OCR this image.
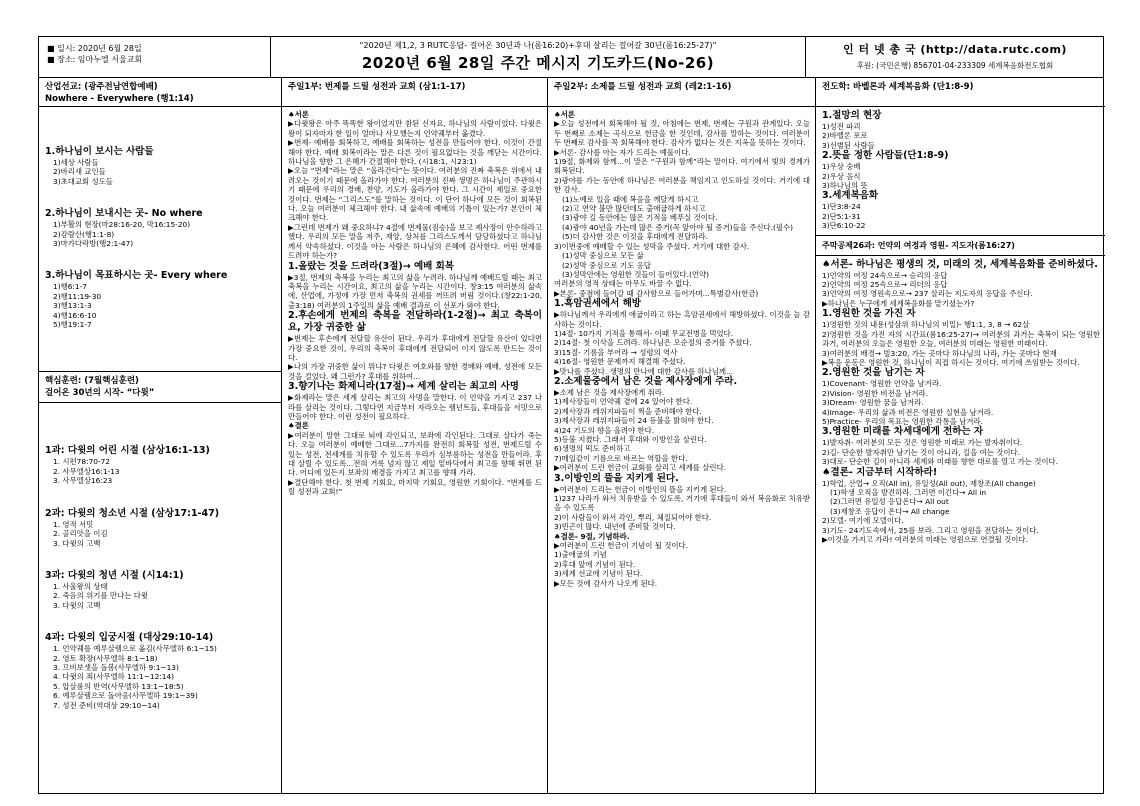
■ 일시: 2020년 6월 28일
■ 장소: 임마누엘 서울교회
“2020년 제1,2, 3 RUTC응답- 걸어온 30년과 나(롬16:20)+후대 살리는 걸어갈 30년(롬16:25-27)”
2020년 6월 28일 주간 메시지 기도카드(No-26)
인 터 넷 총 국 (http://data.rutc.com)
후원: (국민은행) 856701-04-233309 세계복음화전도협회
산업선교: (광주전남연합예배)
Nowhere - Everywhere (행1:14)

1.하나님이 보시는 사람들

1)세상 사람들

2)바리새 교인들

3)초대교회 성도들

2.하나님이 보내시는 곳- No where

1)부활의 현장(마28:16-20, 막16:15-20)

2)감람산(행1:1-8)

3)마가다락방(행2:1-47)

3.하나님이 목표하시는 곳- Every where

1)행6:1-7

2)행11:19-30

3)행13:1-3

4)행16:6-10

5)행19:1-7

핵심훈련: (7월핵심훈련)
걸어온 30년의 시작- “다윗”

1과: 다윗의 어린 시절 (삼상16:1-13)

1. 시편78:70-72

2. 사무엘상16:1-13

3. 사무엘상16:23

2과: 다윗의 청소년 시절 (삼상17:1-47)

1. 영적 서밋

2. 골리앗을 이김

3. 다윗의 고백

3과: 다윗의 청년 시절 (시14:1)

1. 사울왕의 상태

2. 죽음의 위기를 만나는 다윗

3. 다윗의 고백

4과: 다윗의 입궁시절 (대상29:10-14)

1. 언약궤를 예루살렘으로 옮김(사무엘하 6:1~15)

2. 영토 확장(사무엘하 8:1~18)

3. 므비보셋을 돌봄(사무엘하 9:1~13)

4. 다윗의 죄(사무엘하 11:1~12:14)

5. 압살롬의 반역(사무엘하 13:1~18:5)

6. 예루살렘으로 돌아옴(사무엘하 19:1~39)

7. 성전 준비(역대상 29:10~14)

주일1부: 번제를 드릴 성전과 교회 (삼1:1-17)

♠서론

▶다윗왕은 아주 똑똑한 왕이었지만 참된 신자요, 하나님의 사람이었다. 다윗은 왕이 되자마자 한 일이 얼마나 사모했는지 언약궤부터 옮겼다.

▶번제- 예배를 회복하고, 예배를 회복하는 성전을 만들어야 한다. 이것이 간절해야 한다. 예배 회복이라는 말은 다른 것이 필요없다는 것을 깨닫는 시간이다. 하나님을 향한 그 은혜가 간절해야 한다. (시18:1, 시23:1)

▶오늘 “번제”라는 말은 “올라간다”는 뜻이다. 여러분의 진짜 축복은 위에서 내려오는 것이기 때문에 올라가야 한다. 여러분의 진짜 생명은 하나님이 주관하시기 때문에 우리의 경배, 찬양, 기도가 올라가야 한다. 그 시간이 제일로 중요한 것이다. 번제는 “그리스도”를 말하는 것이다. 이 단어 하나에 모든 것이 회복된다. 오늘 여러분이 체크해야 한다. 내 삶속에 예배의 기틀이 있는가? 본인이 체크해야 한다.

▶그런데 번제가 왜 중요하냐? 4절에 번제물(짐승)을 보고 제사장이 안수하라고 했다. 우리의 모든 말을 저주, 재앙, 상처를 그리스도께서 담당하셨다고 하나님께서 약속하셨다. 이것을 아는 사람은 하나님의 은혜에 감사한다. 어떤 번제를 드려야 하는가?

1.올랐는 것을 드려라(3절)→ 예배 회복

▶3절, 번제의 축복을 누리는 최고의 삶을 누려라. 하나님께 예배드릴 때는 최고 축복을 누리는 시간이요, 최고의 삶을 누리는 시간이다. 창3:15 여러분의 삶속에, 산업에, 가정에 가장 먼저 축복의 권세를 꺼뜨려 버림 것이다.(창22:1-20, 출3:18) 여러분의 1주일의 삶을 예배 결과로 이 선포가 와야 한다.

2.후손에게 번제의 축복을 전달하라(1-2절)→ 최고 축복이요, 가장 귀중한 삶

▶번제는 후손에게 전달할 유산이 된다. 우리가 후대에게 전달할 유산이 있다면 가장 중요한 것이, 우리의 축복이 후대에게 전달되어 이지 않도록 만드는 것이다.

▶나의 가장 귀중한 삶이 뭐냐? 다윗은 여호와를 향한 경배와 예배, 성전에 모든 것을 걸었다. 왜 그런가? 후대를 위하여...

3.향기나는 화제니라(17절)→ 세계 살리는 최고의 사명

▶화제라는 말은 세계 살리는 최고의 사명을 말한다. 이 언약을 가지고 237 나라를 살리는 것이다. 그렇다면 지금부터 자라오는 렘넌트들, 후대들을 서밋으로 만들어야 한다. 이런 성전이 필요하다.

♠결론

▶여러분이 말한 그대로 뇌에 각인되고, 보좌에 각인된다. 그대로 살다가 죽는다. 오늘 여러분이 예배한 그대로...7가지를 완전히 회복할 성전, 번제드릴 수 있는 성전, 전세계를 치유할 수 있도록 우리가 심부름하는 성전을 만들어라. 후대 살릴 수 있도록...전혀 거룩 넘지 않고 제일 밑바닥에서 최고를 향해 뛰면 된다. 어디에 있든지 보좌의 배경을 가지고 최고를 향해 가라.

▶결단해야 한다. 첫 번제 기회요, 마지막 기회요, 영원한 기회이다. “번제를 드릴 성전과 교회!”

주일2부: 소제를 드릴 성전과 교회 (레2:1-16)

♠서론

▶오늘 성전에서 회복해야 될 것, 아침에는 번제, 번제는 구원과 관계있다. 오늘 두 번째로 소제는 곡식으로 헌금을 한 것인데, 감사를 말하는 것이다. 여러분이 두 번째로 감사를 꼭 회복해야 한다. 감사가 없다는 것은 지옥을 뜻하는 것이다.

▶서론- 감사를 아는 자가 드리는 예물이다.

1)9절, 화제와 함께...이 말은 “구원과 함께”라는 말이다. 여기에서 빛의 경계가 회복된다.

2)광야를 가는 동안에 하나님은 여러분을 책임지고 인도하실 것이다. 거기에 대한 감사.

(1)노예로 있을 때에 복음을 깨달게 하시고

(2)고 연약 불만 많던데도 출애굽하게 하시고

(3)광야 길 동안에는 많은 기적을 베푸실 것이다.

(4)광야 40년을 가는데 많은 증거(꼭 앞아야 될 증거)들을 주신다.(필수)

(5)더 감사한 것은 이것을 후대에게 전달하라.

3)이번중에 예배할 수 있는 성막을 주셨다. 거기에 대한 감사.

(1)성막 중심으로 모든 삶

(2)성막 중심으로 기도 응답

(3)성막안에는 영원한 것들이 들어있다.(언약)

여러분의 영적 상태는 아무도 바꿀 수 없다.

▶본론- 중점에 들어갈 때 감사함으로 들어가며...특별감사(헌금)

1.흑암권세에서 해방

▶하나님께서 우리에게 애굽이라고 하는 흑암권세에서 해방하셨다. 이것을 늘 감사하는 것이다.

1)4절- 10가지 기적을 통해서- 이때 무교전병을 먹었다.

2)14절- 첫 이삭을 드려라. 하나님은 오순절의 증거를 주셨다.

3)15절- 기름을 부어라 → 성령의 역사

4)16절- 영원한 문제까지 해결해 주셨다.

▶맛나를 주셨다. 생명의 만나에 대한 감사를 하나님께...

2.소제물중에서 남은 것을 제사장에게 주라.

▶소제 남은 것을 제사장에게 줘라.

1)제사장들이 언약궤 곁에 24 있어야 한다.

2)제사장과 레위지파들이 찍을 준비해야 한다.

3)제사장과 레위지파들이 24 등불을 밝혀야 한다.

4)24 기도의 향을 올려야 한다.

5)등불 지켰다. 그래서 후대와 이방인을 살린다.

6)생명의 떡도 준비하고

7)메일같이 기름으로 바르는 역할을 한다.

▶여러분이 드린 헌금이 교회를 살리고 세계를 살린다.

3.이방인의 뜰을 지키게 된다.

▶여러분이 드리는 헌금이 이방인의 뜰을 지키게 된다.

1)237 나라가 와서 치유받을 수 있도록, 거기에 후대들이 와서 복음화로 치유받을 수 있도록

2)이 사람들이 와서 각인, 뿌리, 체질되어야 한다.

3)빈곤이 많다. 내년에 준비할 것이다.

♠결론- 9절, 기념하라.

▶여러분이 드린 헌금이 기념이 될 것이다.

1)출애굽의 기념

2)후대 앞에 기념이 된다.

3)세계 선교에 기념이 된다.

▶모든 것에 감사가 나오게 된다.

전도학: 바벨론과 세계복음화 (단1:8-9)

1.절망의 현장

1)성전 파괴

2)바벨론 포로

3)선별된 사람들

2.뜻을 정한 사람들(단1:8-9)

1)우상 숭배

2)우상 음식

3)하나님의 뜻

3.세계복음화

1)단3:8-24

2)단5:1-31

3)단6:10-22

주막공제26과: 언약의 여정과 영원- 지도자(롬16:27)

♠서론- 하나님은 평생의 것, 미래의 것, 세계복음화를 준비하셨다.

1)언약의 여정 24속으로→ 승리의 응답

2)언약의 여정 25속으로→ 리더의 응답

3)언약의 여정 영원속으로→ 237 살리는 지도자의 응답을 주신다.

▶하나님은 누구에게 세계복음화를 맡기셨는가?

1.영원한 것을 가진 자

1)영원한 것의 내용(성삼위 하나님의 비밀)- 행1:1, 3, 8 → 62살

2)영원한 것을 가진 자의 시간표(롬16:25-27)→ 여러분의 과거는 축복이 되는 영원한 과거, 여러분의 오늘은 영원한 오늘, 여러분의 미래는 영원한 미래이다.

3)여러분의 배경→ 빌3:20, 가는 곳마다 하나님의 나라, 가는 곳마다 현재

▶복음 운동은 영원한 것, 하나님이 직접 하시는 것이다. 여기에 쓰임받는 것이다.

2.영원한 것을 남기는 자

1)Covenant- 영원한 언약을 남겨라.

2)Vision- 영원한 비전을 남겨라.

3)Dream- 영원한 꿈을 남겨라.

4)Image- 우리의 삶과 비전은 영원한 실현을 남겨라.

5)Practice- 우리의 목표는 영원한 각통을 남겨라.

3.영원한 미래를 차세대에게 전하는 자

1)발자취- 여러분의 모든 것은 영원한 미래로 가는 발자취이다.

2)길- 단순한 발자취만 남기는 것이 아니라, 길을 여는 것이다.

3)대로- 단순한 길이 아니라 세계와 미래를 향한 대로를 열고 가는 것이다.

♠결론- 지금부터 시작하라!

1)학업, 산업→ 오직(All in), 유일성(All out), 재창조(All change)

(1)학생 오직을 발견하라. 그러면 이긴다→ All in

(2)그러면 유일성 응답온다→ All out

(3)재창조 응답이 온다→ All change

2)모델- 여기에 모델이다.

3)기도- 24기도속에서, 25를 보라. 그리고 영원을 전달하는 것이다.

▶이것을 가지고 가라! 여러분의 미래는 영원으로 연결될 것이다.
